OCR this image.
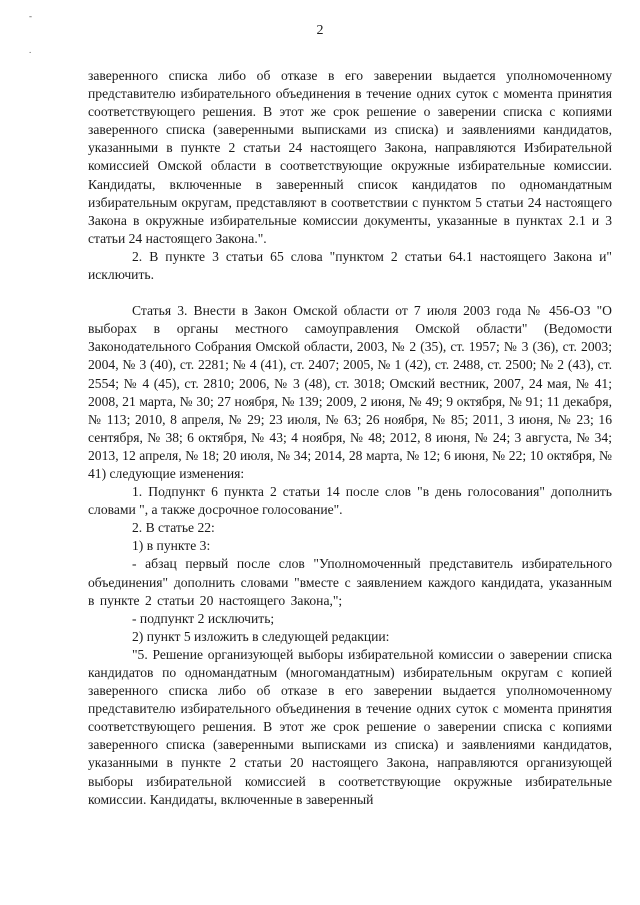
-
.
2

заверенного списка либо об отказе в его заверении выдается уполномоченному представителю избирательного объединения в течение одних суток с момента принятия соответствующего решения. В этот же срок решение о заверении списка с копиями заверенного списка (заверенными выписками из списка) и заявлениями кандидатов, указанными в пункте 2 статьи 24 настоящего Закона, направляются Избирательной комиссией Омской области в соответствующие окружные избирательные комиссии. Кандидаты, включенные в заверенный список кандидатов по одномандатным избирательным округам, представляют в соответствии с пунктом 5 статьи 24 настоящего Закона в окружные избирательные комиссии документы, указанные в пунктах 2.1 и 3 статьи 24 настоящего Закона.".

2. В пункте 3 статьи 65 слова "пунктом 2 статьи 64.1 настоящего Закона и" исключить.

Статья 3. Внести в Закон Омской области от 7 июля 2003 года № 456-ОЗ "О выборах в органы местного самоуправления Омской области" (Ведомости Законодательного Собрания Омской области, 2003, № 2 (35), ст. 1957; № 3 (36), ст. 2003; 2004, № 3 (40), ст. 2281; № 4 (41), ст. 2407; 2005, № 1 (42), ст. 2488, ст. 2500; № 2 (43), ст. 2554; № 4 (45), ст. 2810; 2006, № 3 (48), ст. 3018; Омский вестник, 2007, 24 мая, № 41; 2008, 21 марта, № 30; 27 ноября, № 139; 2009, 2 июня, № 49; 9 октября, № 91; 11 декабря, № 113; 2010, 8 апреля, № 29; 23 июля, № 63; 26 ноября, № 85; 2011, 3 июня, № 23; 16 сентября, № 38; 6 октября, № 43; 4 ноября, № 48; 2012, 8 июня, № 24; 3 августа, № 34; 2013, 12 апреля, № 18; 20 июля, № 34; 2014, 28 марта, № 12; 6 июня, № 22; 10 октября, № 41) следующие изменения:

1. Подпункт 6 пункта 2 статьи 14 после слов "в день голосования" дополнить словами ", а также досрочное голосование".

2. В статье 22:

1) в пункте 3:

- абзац первый после слов "Уполномоченный представитель избирательного объединения" дополнить словами "вместе с заявлением каждого кандидата, указанным в пункте 2 статьи 20 настоящего Закона,";

- подпункт 2 исключить;

2) пункт 5 изложить в следующей редакции:

"5. Решение организующей выборы избирательной комиссии о заверении списка кандидатов по одномандатным (многомандатным) избирательным округам с копией заверенного списка либо об отказе в его заверении выдается уполномоченному представителю избирательного объединения в течение одних суток с момента принятия соответствующего решения. В этот же срок решение о заверении списка с копиями заверенного списка (заверенными выписками из списка) и заявлениями кандидатов, указанными в пункте 2 статьи 20 настоящего Закона, направляются организующей выборы избирательной комиссией в соответствующие окружные избирательные комиссии. Кандидаты, включенные в заверенный
